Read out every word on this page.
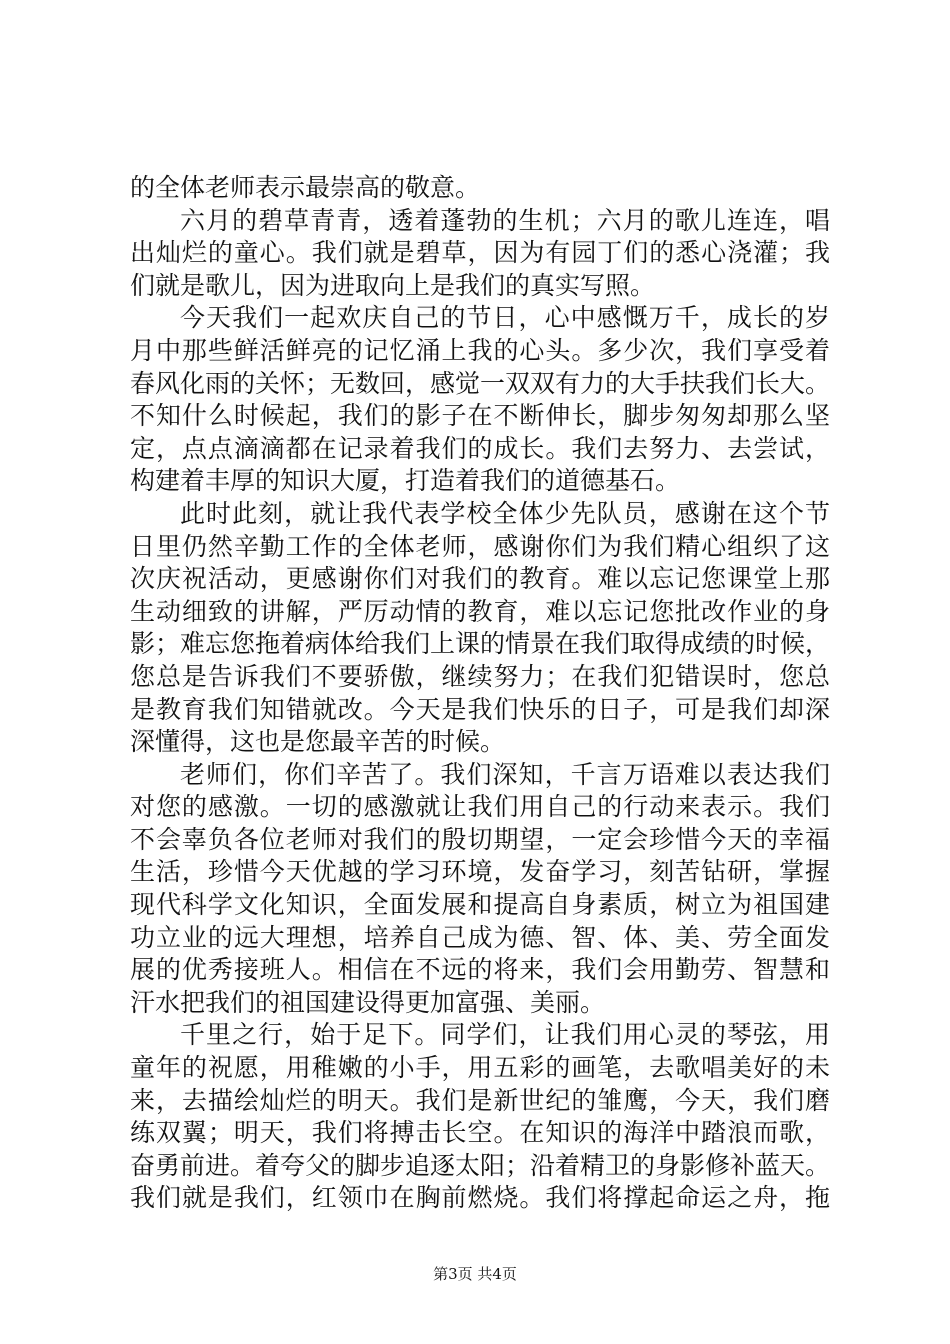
的全体老师表示最崇高的敬意。
六月的碧草青青，透着蓬勃的生机；六月的歌儿连连，唱
出灿烂的童心。我们就是碧草，因为有园丁们的悉心浇灌；我
们就是歌儿，因为进取向上是我们的真实写照。
今天我们一起欢庆自己的节日，心中感慨万千，成长的岁
月中那些鲜活鲜亮的记忆涌上我的心头。多少次，我们享受着
春风化雨的关怀；无数回，感觉一双双有力的大手扶我们长大。
不知什么时候起，我们的影子在不断伸长，脚步匆匆却那么坚
定，点点滴滴都在记录着我们的成长。我们去努力、去尝试，
构建着丰厚的知识大厦，打造着我们的道德基石。
此时此刻，就让我代表学校全体少先队员，感谢在这个节
日里仍然辛勤工作的全体老师，感谢你们为我们精心组织了这
次庆祝活动，更感谢你们对我们的教育。难以忘记您课堂上那
生动细致的讲解，严厉动情的教育，难以忘记您批改作业的身
影；难忘您拖着病体给我们上课的情景在我们取得成绩的时候，
您总是告诉我们不要骄傲，继续努力；在我们犯错误时，您总
是教育我们知错就改。今天是我们快乐的日子，可是我们却深
深懂得，这也是您最辛苦的时候。
老师们，你们辛苦了。我们深知，千言万语难以表达我们
对您的感激。一切的感激就让我们用自己的行动来表示。我们
不会辜负各位老师对我们的殷切期望，一定会珍惜今天的幸福
生活，珍惜今天优越的学习环境，发奋学习，刻苦钻研，掌握
现代科学文化知识，全面发展和提高自身素质，树立为祖国建
功立业的远大理想，培养自己成为德、智、体、美、劳全面发
展的优秀接班人。相信在不远的将来，我们会用勤劳、智慧和
汗水把我们的祖国建设得更加富强、美丽。
千里之行，始于足下。同学们，让我们用心灵的琴弦，用
童年的祝愿，用稚嫩的小手，用五彩的画笔，去歌唱美好的未
来，去描绘灿烂的明天。我们是新世纪的雏鹰，今天，我们磨
练双翼；明天，我们将搏击长空。在知识的海洋中踏浪而歌，
奋勇前进。着夸父的脚步追逐太阳；沿着精卫的身影修补蓝天。
我们就是我们，红领巾在胸前燃烧。我们将撑起命运之舟，拖
第3页 共4页
